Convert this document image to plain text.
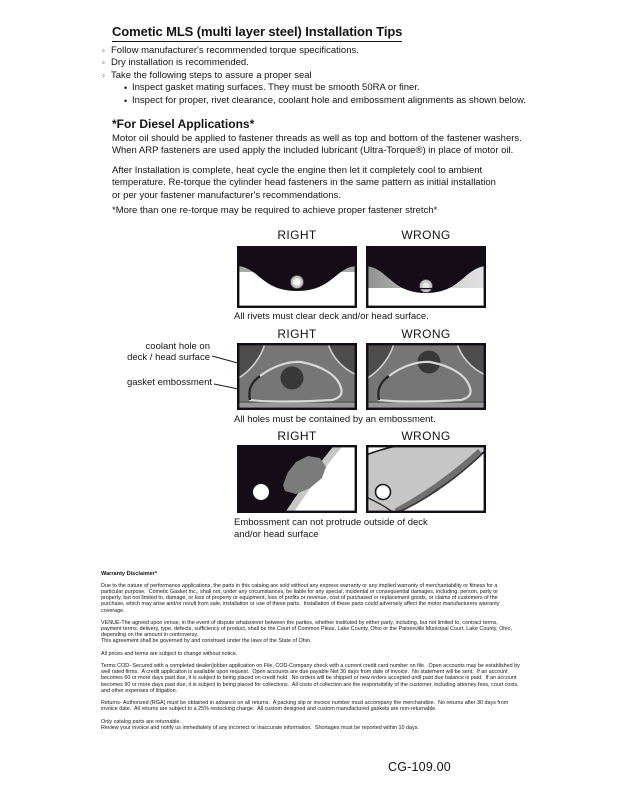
Cometic MLS (multi layer steel) Installation Tips
◦ Follow manufacturer's recommended torque specifications.
◦ Dry installation is recommended.
◦ Take the following steps to assure a proper seal
• Inspect gasket mating surfaces. They must be smooth 50RA or finer.
• Inspect for proper, rivet clearance, coolant hole and embossment alignments as shown below.
*For Diesel Applications*
Motor oil should be applied to fastener threads as well as top and bottom of the fastener washers.
When ARP fasteners are used apply the included lubricant (Ultra-Torque®) in place of motor oil.
After Installation is complete, heat cycle the engine then let it completely cool to ambient
temperature. Re-torque the cylinder head fasteners in the same pattern as initial installation
or per your fastener manufacturer's recommendations.
*More than one re-torque may be required to achieve proper fastener stretch*
RIGHT	WRONG
All rivets must clear deck and/or head surface.
RIGHT	WRONG
coolant hole on
deck / head surface
gasket embossment
All holes must be contained by an embossment.
RIGHT	WRONG
Embossment can not protrude outside of deck
and/or head surface

Warranty Disclaimer*

Due to the nature of performance applications, the parts in this catalog are sold without any express warranty or any implied warranty of merchantability or fitness for a particular purpose.  Cometic Gasket Inc., shall not, under any circumstances, be liable for any special, incidental or consequential damages, including, person, party or property, but not limited to, damage, or loss of property or equipment, loss of profits or revenue, cost of purchased or replacement goods, or claims of customers of the purchase, which may arise and/or result from sale, installation or use of these parts.  Installation of these parts could adversely affect the motor manufacturers warranty coverage.

VENUE-The agreed upon venue, in the event of dispute whatsoever between the parties, whether instituted by either party, including, but not limited to, contract terms, payment terms, delivery, type, defects, sufficiency of product, shall be the Court of Common Pleas, Lake County, Ohio or the Painesville Municipal Court, Lake County, Ohio, depending on the amount in controversy.
This agreement shall be governed by and construed under the laws of the State of Ohio.

All prices and terms are subject to change without notice.

Terms COD- Secured with a completed dealer/jobber application on File, COD-Company check with a current credit card number on file.  Open accounts may be established by well rated firms.  A credit application is available upon request.  Open accounts are due payable Net 30 days from date of invoice.  No statement will be sent.  If an account becomes 60 or more days past due, it is subject to being placed on credit hold.  No orders will be shipped or new orders accepted until past due balance is paid.  If an account becomes 90 or more days past due, it is subject to being placed for collections.  All costs of collection are the responsibility of the customer, including attorney fees, court costs, and other expenses of litigation.

Returns- Authorized (RGA) must be obtained in advance on all returns.  A packing slip or invoice number must accompany the merchandise.  No returns after 30 days from invoice date.  All returns are subject to a 25% restocking charge.  All custom designed and custom manufactured gaskets are non-returnable.

Only catalog parts are returnable.
Review your invoice and notify us immediately of any incorrect or inaccurate information.  Shortages must be reported within 10 days.

CG-109.00
